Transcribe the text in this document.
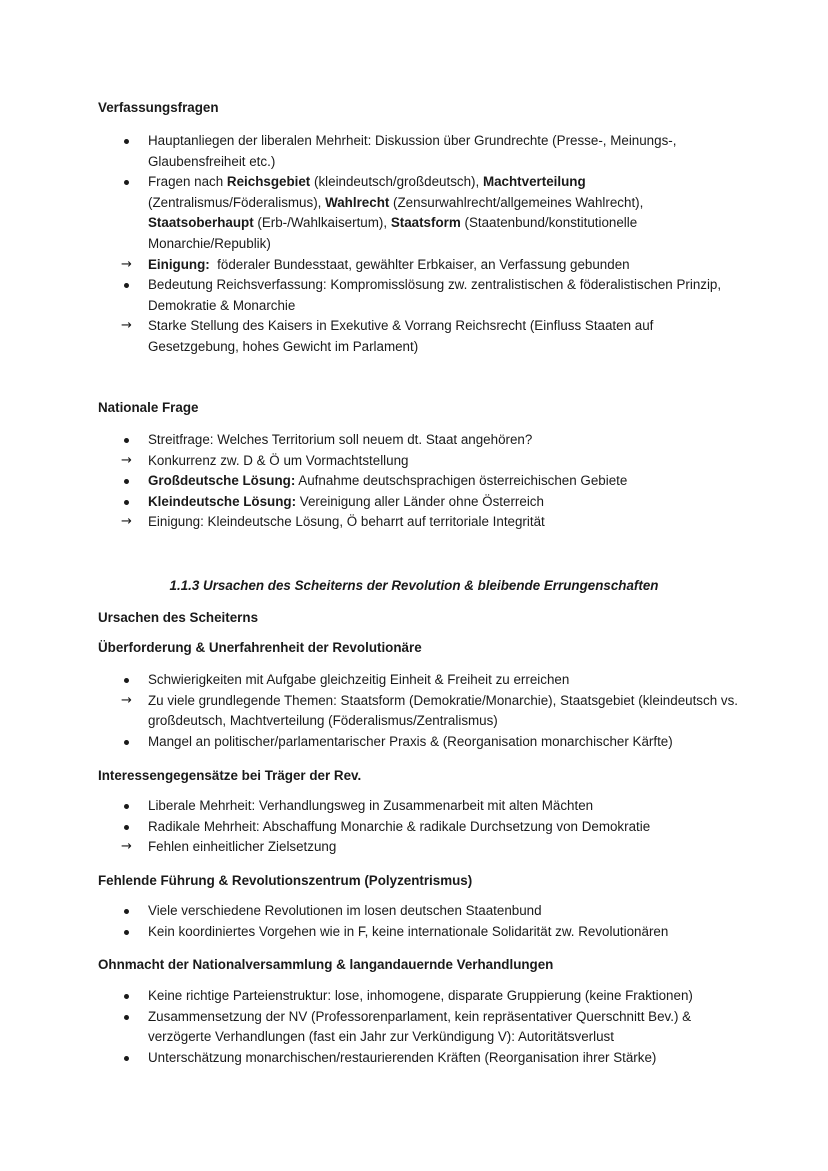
Verfassungsfragen
Hauptanliegen der liberalen Mehrheit: Diskussion über Grundrechte (Presse-, Meinungs-, Glaubensfreiheit etc.)
Fragen nach Reichsgebiet (kleindeutsch/großdeutsch), Machtverteilung (Zentralismus/Föderalismus), Wahlrecht (Zensurwahlrecht/allgemeines Wahlrecht), Staatsoberhaupt (Erb-/Wahlkaisertum), Staatsform (Staatenbund/konstitutionelle Monarchie/Republik)
→	Einigung:  föderaler Bundesstaat, gewählter Erbkaiser, an Verfassung gebunden
Bedeutung Reichsverfassung: Kompromisslösung zw. zentralistischen & föderalistischen Prinzip, Demokratie & Monarchie
→	Starke Stellung des Kaisers in Exekutive & Vorrang Reichsrecht (Einfluss Staaten auf Gesetzgebung, hohes Gewicht im Parlament)
Nationale Frage
Streitfrage: Welches Territorium soll neuem dt. Staat angehören?
→	Konkurrenz zw. D & Ö um Vormachtstellung
Großdeutsche Lösung: Aufnahme deutschsprachigen österreichischen Gebiete
Kleindeutsche Lösung: Vereinigung aller Länder ohne Österreich
→	Einigung: Kleindeutsche Lösung, Ö beharrt auf territoriale Integrität
1.1.3 Ursachen des Scheiterns der Revolution & bleibende Errungenschaften
Ursachen des Scheiterns
Überforderung & Unerfahrenheit der Revolutionäre
Schwierigkeiten mit Aufgabe gleichzeitig Einheit & Freiheit zu erreichen
→	Zu viele grundlegende Themen: Staatsform (Demokratie/Monarchie), Staatsgebiet (kleindeutsch vs. großdeutsch, Machtverteilung (Föderalismus/Zentralismus)
Mangel an politischer/parlamentarischer Praxis & (Reorganisation monarchischer Kärfte)
Interessengegensätze bei Träger der Rev.
Liberale Mehrheit: Verhandlungsweg in Zusammenarbeit mit alten Mächten
Radikale Mehrheit: Abschaffung Monarchie & radikale Durchsetzung von Demokratie
→	Fehlen einheitlicher Zielsetzung
Fehlende Führung & Revolutionszentrum (Polyzentrismus)
Viele verschiedene Revolutionen im losen deutschen Staatenbund
Kein koordiniertes Vorgehen wie in F, keine internationale Solidarität zw. Revolutionären
Ohnmacht der Nationalversammlung & langandauernde Verhandlungen
Keine richtige Parteienstruktur: lose, inhomogene, disparate Gruppierung (keine Fraktionen)
Zusammensetzung der NV (Professorenparlament, kein repräsentativer Querschnitt Bev.) & verzögerte Verhandlungen (fast ein Jahr zur Verkündigung V): Autoritätsverlust
Unterschätzung monarchischen/restaurierenden Kräften (Reorganisation ihrer Stärke)
